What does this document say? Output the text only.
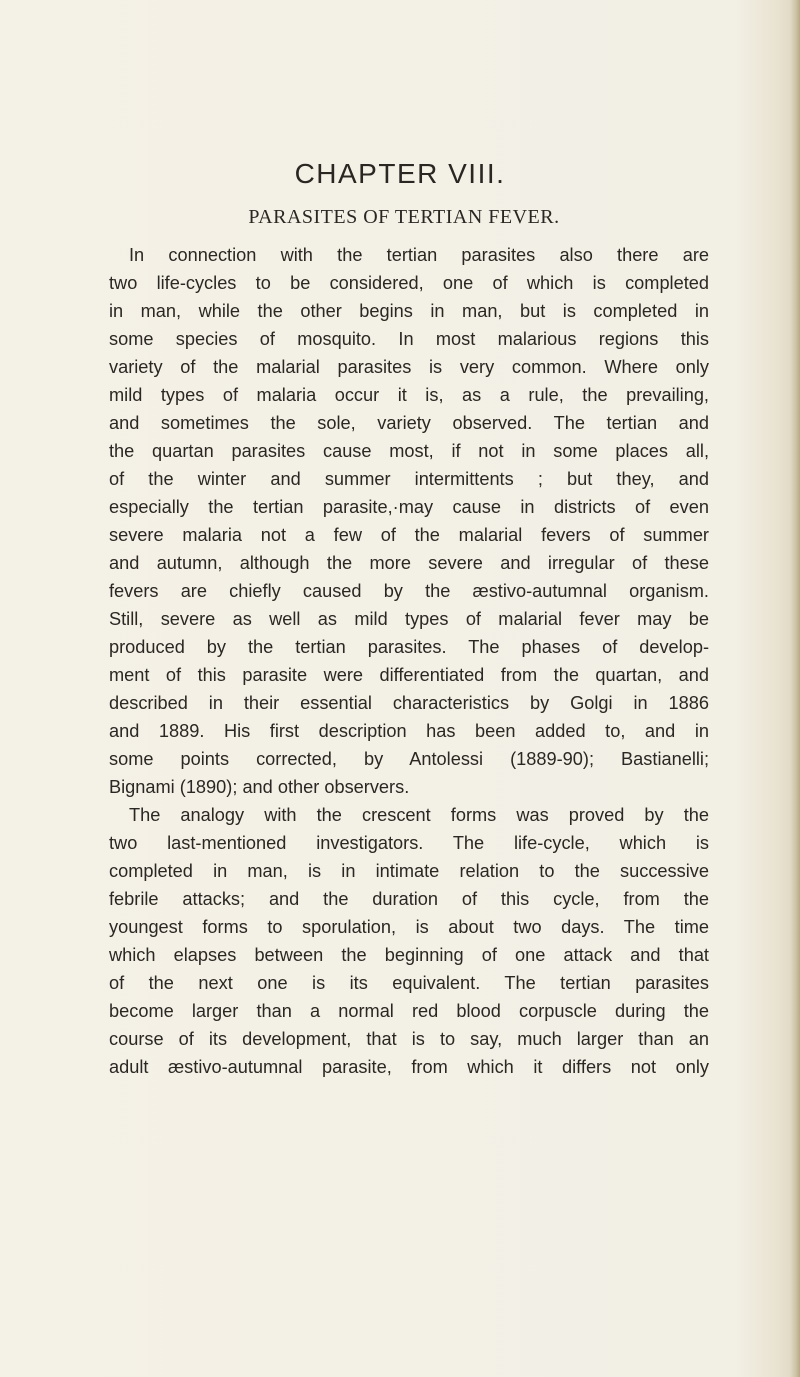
CHAPTER VIII.
PARASITES OF TERTIAN FEVER.
In connection with the tertian parasites also there are
two life-cycles to be considered, one of which is completed
in man, while the other begins in man, but is completed in
some species of mosquito. In most malarious regions this
variety of the malarial parasites is very common. Where only
mild types of malaria occur it is, as a rule, the prevailing,
and sometimes the sole, variety observed. The tertian and
the quartan parasites cause most, if not in some places all,
of the winter and summer intermittents ; but they, and
especially the tertian parasite,·may cause in districts of even
severe malaria not a few of the malarial fevers of summer
and autumn, although the more severe and irregular of these
fevers are chiefly caused by the æstivo-autumnal organism.
Still, severe as well as mild types of malarial fever may be
produced by the tertian parasites. The phases of develop-
ment of this parasite were differentiated from the quartan, and
described in their essential characteristics by Golgi in 1886
and 1889. His first description has been added to, and in
some points corrected, by Antolessi (1889-90); Bastianelli;
Bignami (1890); and other observers.
The analogy with the crescent forms was proved by the
two last-mentioned investigators. The life-cycle, which is
completed in man, is in intimate relation to the successive
febrile attacks; and the duration of this cycle, from the
youngest forms to sporulation, is about two days. The time
which elapses between the beginning of one attack and that
of the next one is its equivalent. The tertian parasites
become larger than a normal red blood corpuscle during the
course of its development, that is to say, much larger than an
adult æstivo-autumnal parasite, from which it differs not only
